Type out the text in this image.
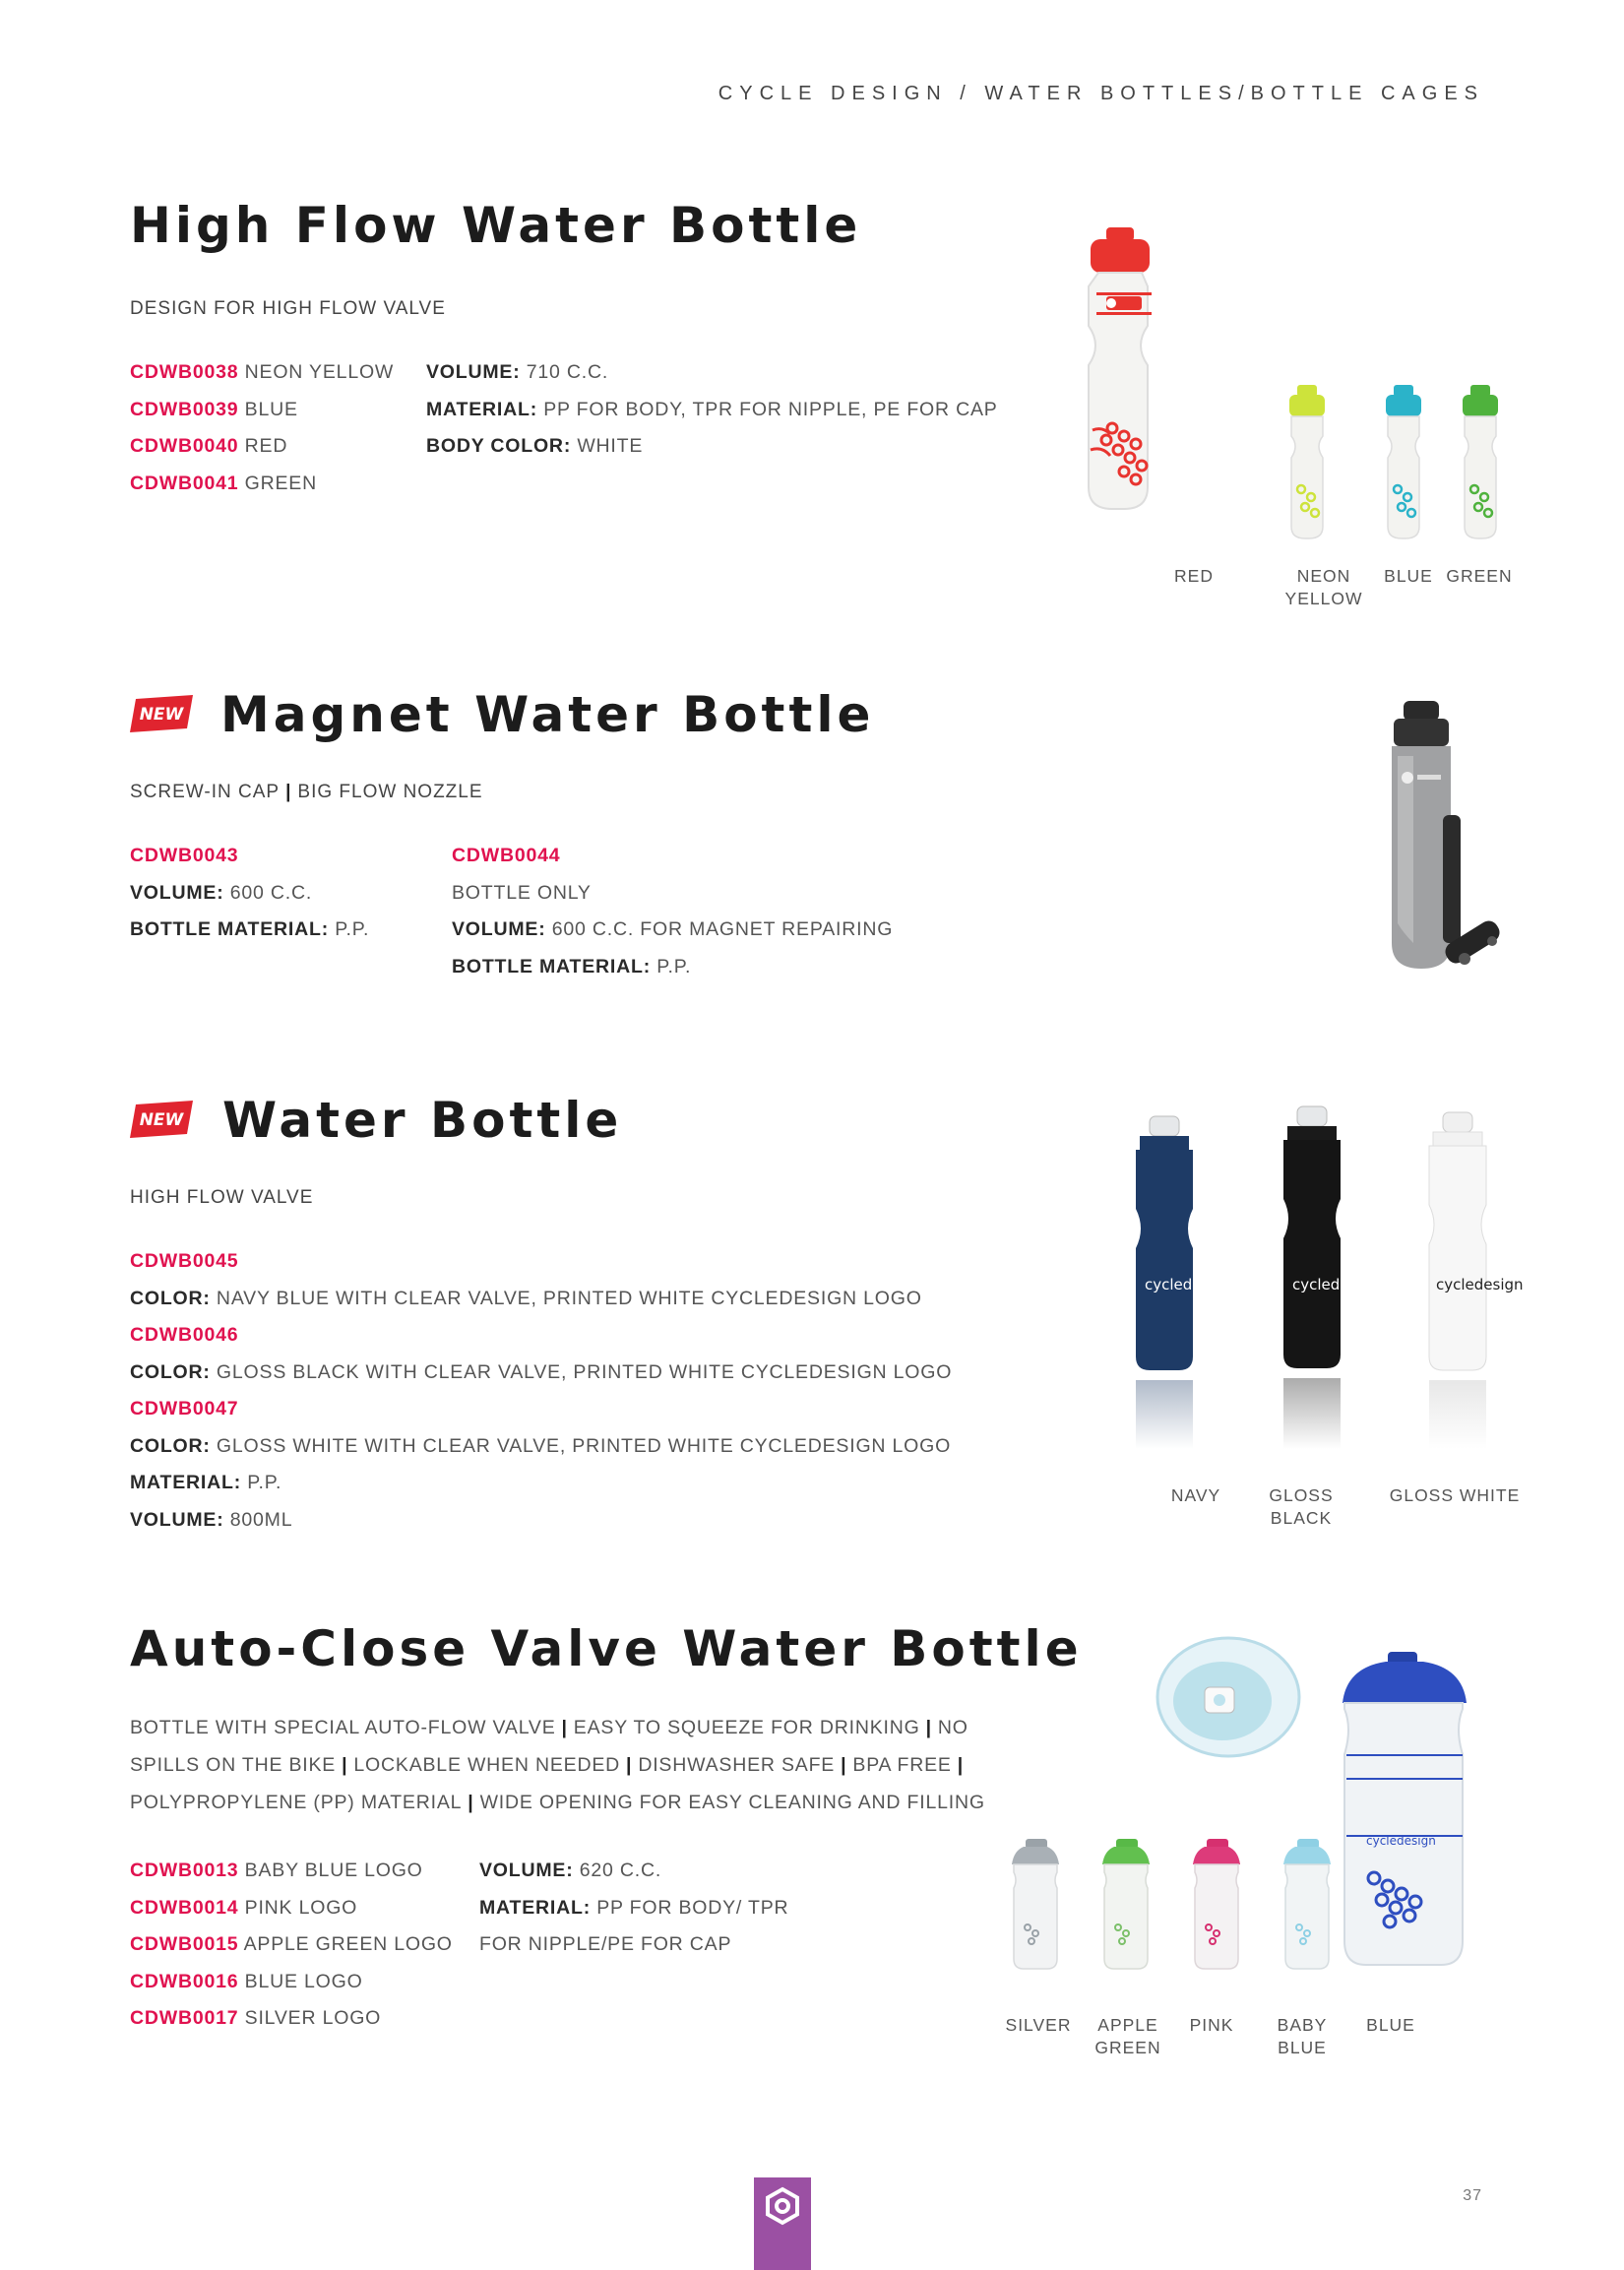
CYCLE DESIGN / WATER BOTTLES/BOTTLE CAGES
High Flow Water Bottle
DESIGN FOR HIGH FLOW VALVE
CDWB0038 NEON YELLOW
CDWB0039 BLUE
CDWB0040 RED
CDWB0041 GREEN
VOLUME: 710 C.C.
MATERIAL: PP FOR BODY, TPR FOR NIPPLE, PE FOR CAP
BODY COLOR: WHITE
RED	NEON
YELLOW
BLUE GREEN
NEW Magnet Water Bottle
SCREW-IN CAP | BIG FLOW NOZZLE
CDWB0043
VOLUME: 600 C.C.
BOTTLE MATERIAL: P.P.
CDWB0044
BOTTLE ONLY
VOLUME: 600 C.C. FOR MAGNET REPAIRING
BOTTLE MATERIAL: P.P.
NEW Water Bottle
HIGH FLOW VALVE
CDWB0045
COLOR: NAVY BLUE WITH CLEAR VALVE, PRINTED WHITE CYCLEDESIGN LOGO
CDWB0046
COLOR: GLOSS BLACK WITH CLEAR VALVE, PRINTED WHITE CYCLEDESIGN LOGO
CDWB0047
COLOR: GLOSS WHITE WITH CLEAR VALVE, PRINTED WHITE CYCLEDESIGN LOGO
MATERIAL: P.P.
VOLUME: 800ML
cycledesign	cycledesign	cycledesign
NAVY	GLOSS BLACK
GLOSS WHITE
Auto-Close Valve Water Bottle
BOTTLE WITH SPECIAL AUTO-FLOW VALVE | EASY TO SQUEEZE FOR DRINKING | NO
SPILLS ON THE BIKE | LOCKABLE WHEN NEEDED | DISHWASHER SAFE | BPA FREE |
POLYPROPYLENE (PP) MATERIAL | WIDE OPENING FOR EASY CLEANING AND FILLING
CDWB0013 BABY BLUE LOGO
CDWB0014 PINK LOGO
CDWB0015 APPLE GREEN LOGO
CDWB0016 BLUE LOGO
CDWB0017 SILVER LOGO
VOLUME: 620 C.C.
MATERIAL: PP FOR BODY/ TPR
FOR NIPPLE/PE FOR CAP
cycledesign
SILVER	APPLE
GREEN
PINK	BABY
BLUE
BLUE
37
